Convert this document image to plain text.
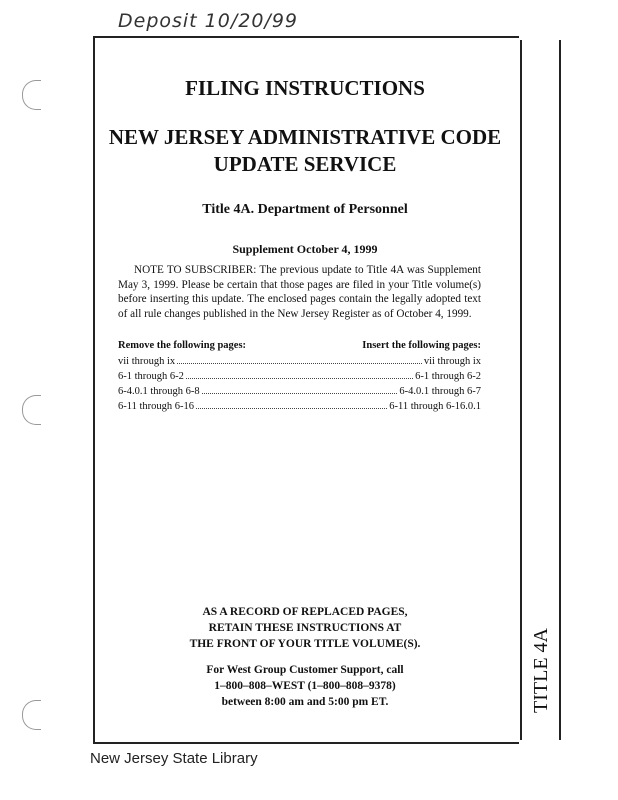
Deposit 10/20/99
TITLE 4A
FILING INSTRUCTIONS
NEW JERSEY ADMINISTRATIVE CODE
UPDATE SERVICE
Title 4A. Department of Personnel
Supplement October 4, 1999
NOTE TO SUBSCRIBER: The previous update to Title 4A was Supplement May 3, 1999. Please be certain that those pages are filed in your Title volume(s) before inserting this update. The enclosed pages contain the legally adopted text of all rule changes published in the New Jersey Register as of October 4, 1999.
Remove the following pages:	Insert the following pages:
vii through ix	vii through ix
6-1 through 6-2	6-1 through 6-2
6-4.0.1 through 6-8	6-4.0.1 through 6-7
6-11 through 6-16	6-11 through 6-16.0.1
AS A RECORD OF REPLACED PAGES,
RETAIN THESE INSTRUCTIONS AT
THE FRONT OF YOUR TITLE VOLUME(S).
For West Group Customer Support, call
1–800–808–WEST (1–800–808–9378)
between 8:00 am and 5:00 pm ET.
New Jersey State Library
